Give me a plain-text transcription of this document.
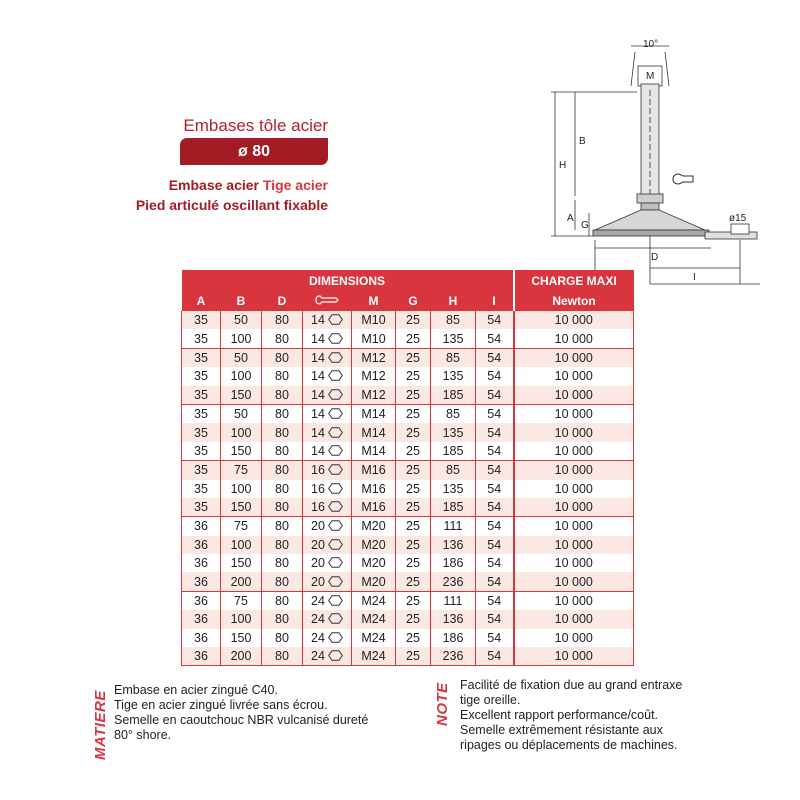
Embases tôle acier
ø 80
Embase acier Tige acier
Pied articulé oscillant fixable
10°
M
H
B
A
G
D
I
ø15
DIMENSIONS								CHARGE MAXI
A	B	D		M	G	H	I	Newton
35	50	80	14	M10	25	85	54	10 000
35	100	80	14	M10	25	135	54	10 000
35	50	80	14	M12	25	85	54	10 000
35	100	80	14	M12	25	135	54	10 000
35	150	80	14	M12	25	185	54	10 000
35	50	80	14	M14	25	85	54	10 000
35	100	80	14	M14	25	135	54	10 000
35	150	80	14	M14	25	185	54	10 000
35	75	80	16	M16	25	85	54	10 000
35	100	80	16	M16	25	135	54	10 000
35	150	80	16	M16	25	185	54	10 000
36	75	80	20	M20	25	111	54	10 000
36	100	80	20	M20	25	136	54	10 000
36	150	80	20	M20	25	186	54	10 000
36	200	80	20	M20	25	236	54	10 000
36	75	80	24	M24	25	111	54	10 000
36	100	80	24	M24	25	136	54	10 000
36	150	80	24	M24	25	186	54	10 000
36	200	80	24	M24	25	236	54	10 000
MATIERE
Embase en acier zingué C40.
Tige en acier zingué livrée sans écrou.
Semelle en caoutchouc NBR vulcanisé dureté
80° shore.
NOTE Facilité de fixation due au grand entraxe
tige oreille.
Excellent rapport performance/coût.
Semelle extrêmement résistante aux
ripages ou déplacements de machines.
